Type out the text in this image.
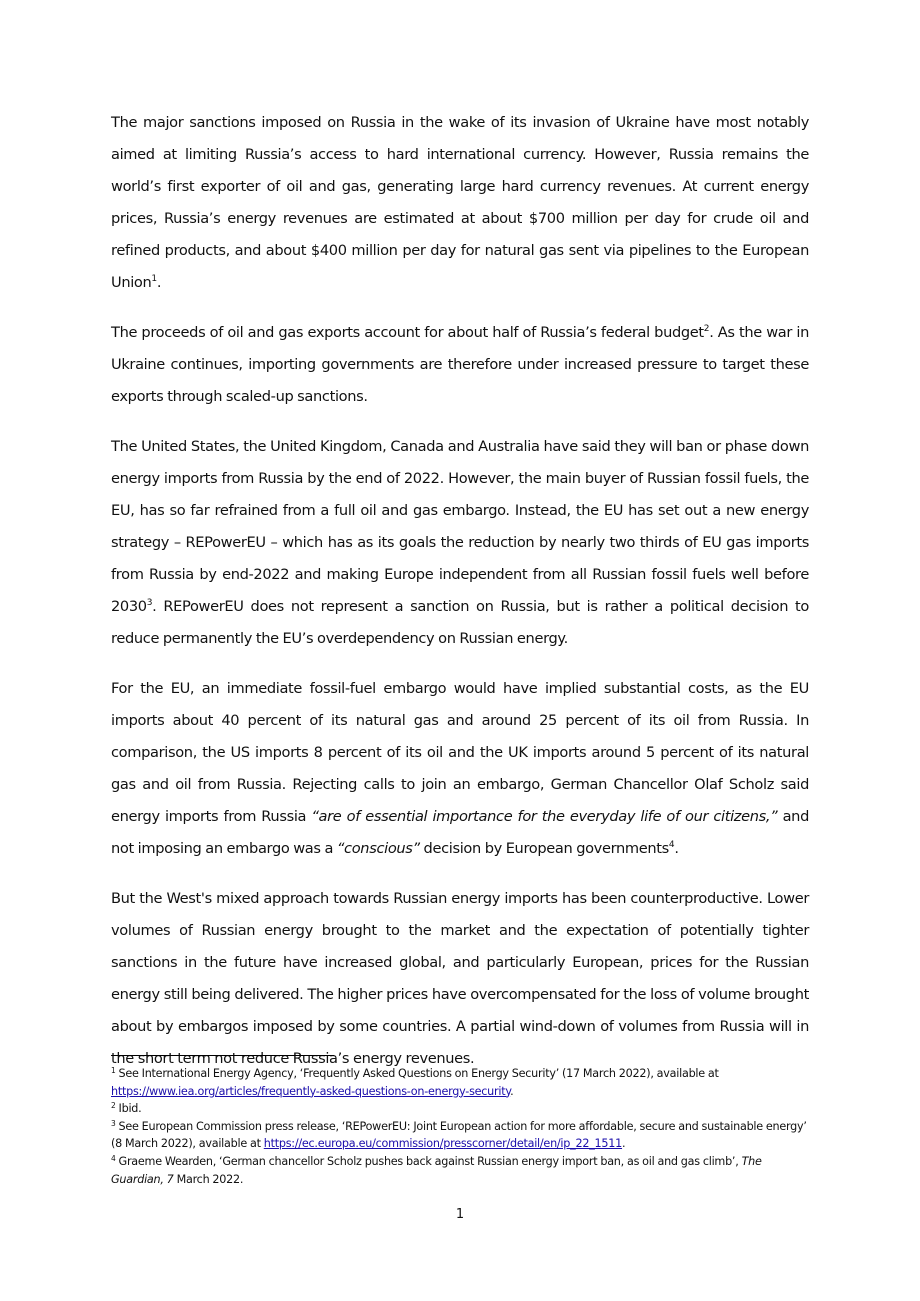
The major sanctions imposed on Russia in the wake of its invasion of Ukraine have most notably aimed at limiting Russia’s access to hard international currency. However, Russia remains the world’s first exporter of oil and gas, generating large hard currency revenues. At current energy prices, Russia’s energy revenues are estimated at about $700 million per day for crude oil and refined products, and about $400 million per day for natural gas sent via pipelines to the European Union$^1$.

The proceeds of oil and gas exports account for about half of Russia’s federal budget$^2$. As the war in Ukraine continues, importing governments are therefore under increased pressure to target these exports through scaled-up sanctions.

The United States, the United Kingdom, Canada and Australia have said they will ban or phase down energy imports from Russia by the end of 2022. However, the main buyer of Russian fossil fuels, the EU, has so far refrained from a full oil and gas embargo. Instead, the EU has set out a new energy strategy – REPowerEU – which has as its goals the reduction by nearly two thirds of EU gas imports from Russia by end-2022 and making Europe independent from all Russian fossil fuels well before 2030$^3$. REPowerEU does not represent a sanction on Russia, but is rather a political decision to reduce permanently the EU’s overdependency on Russian energy.

For the EU, an immediate fossil-fuel embargo would have implied substantial costs, as the EU imports about 40 percent of its natural gas and around 25 percent of its oil from Russia. In comparison, the US imports 8 percent of its oil and the UK imports around 5 percent of its natural gas and oil from Russia. Rejecting calls to join an embargo, German Chancellor Olaf Scholz said energy imports from Russia “are of essential importance for the everyday life of our citizens,” and not imposing an embargo was a “conscious” decision by European governments$^4$.

But the West's mixed approach towards Russian energy imports has been counterproductive. Lower volumes of Russian energy brought to the market and the expectation of potentially tighter sanctions in the future have increased global, and particularly European, prices for the Russian energy still being delivered. The higher prices have overcompensated for the loss of volume brought about by embargos imposed by some countries. A partial wind-down of volumes from Russia will in the short term not reduce Russia’s energy revenues.

$^1$ See International Energy Agency, ‘Frequently Asked Questions on Energy Security’ (17 March 2022), available at https://www.iea.org/articles/frequently-asked-questions-on-energy-security.

$^2$ Ibid.

$^3$ See European Commission press release, ‘REPowerEU: Joint European action for more affordable, secure and sustainable energy’ (8 March 2022), available at https://ec.europa.eu/commission/presscorner/detail/en/ip_22_1511.

$^4$ Graeme Wearden, ‘German chancellor Scholz pushes back against Russian energy import ban, as oil and gas climb’, The Guardian, 7 March 2022.

1
